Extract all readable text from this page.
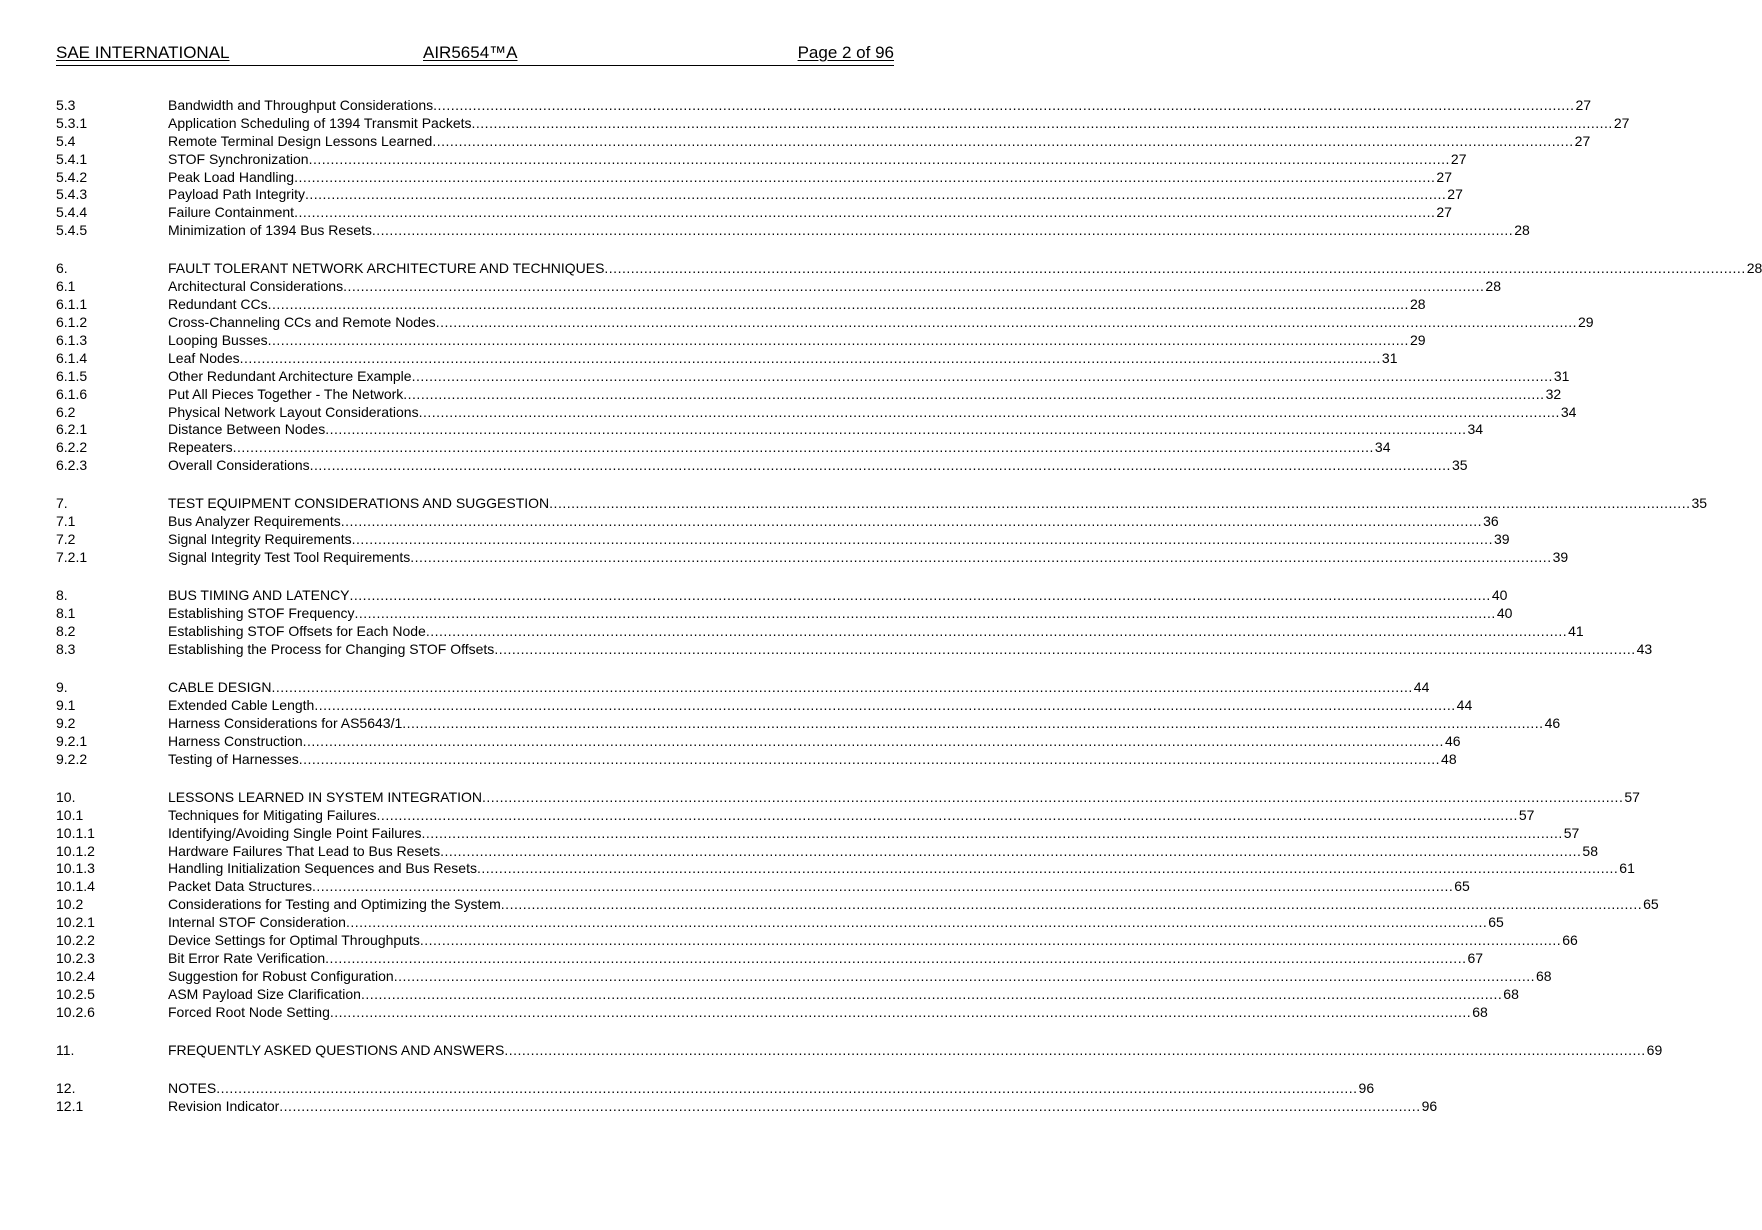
SAE INTERNATIONAL	AIR5654™A	Page 2 of 96
5.3	Bandwidth and Throughput Considerations .................................................................................................................................................................................................................................................................... 27
5.3.1	Application Scheduling of 1394 Transmit Packets .................................................................................................................................................................................................................................................................... 27
5.4	Remote Terminal Design Lessons Learned .................................................................................................................................................................................................................................................................... 27
5.4.1	STOF Synchronization .................................................................................................................................................................................................................................................................... 27
5.4.2	Peak Load Handling .................................................................................................................................................................................................................................................................... 27
5.4.3	Payload Path Integrity .................................................................................................................................................................................................................................................................... 27
5.4.4	Failure Containment .................................................................................................................................................................................................................................................................... 27
5.4.5	Minimization of 1394 Bus Resets .................................................................................................................................................................................................................................................................... 28
6.	FAULT TOLERANT NETWORK ARCHITECTURE AND TECHNIQUES .................................................................................................................................................................................................................................................................... 28
6.1	Architectural Considerations .................................................................................................................................................................................................................................................................... 28
6.1.1	Redundant CCs .................................................................................................................................................................................................................................................................... 28
6.1.2	Cross-Channeling CCs and Remote Nodes .................................................................................................................................................................................................................................................................... 29
6.1.3	Looping Busses .................................................................................................................................................................................................................................................................... 29
6.1.4	Leaf Nodes .................................................................................................................................................................................................................................................................... 31
6.1.5	Other Redundant Architecture Example .................................................................................................................................................................................................................................................................... 31
6.1.6	Put All Pieces Together - The Network .................................................................................................................................................................................................................................................................... 32
6.2	Physical Network Layout Considerations .................................................................................................................................................................................................................................................................... 34
6.2.1	Distance Between Nodes .................................................................................................................................................................................................................................................................... 34
6.2.2	Repeaters .................................................................................................................................................................................................................................................................... 34
6.2.3	Overall Considerations .................................................................................................................................................................................................................................................................... 35
7.	TEST EQUIPMENT CONSIDERATIONS AND SUGGESTION .................................................................................................................................................................................................................................................................... 35
7.1	Bus Analyzer Requirements .................................................................................................................................................................................................................................................................... 36
7.2	Signal Integrity Requirements .................................................................................................................................................................................................................................................................... 39
7.2.1	Signal Integrity Test Tool Requirements .................................................................................................................................................................................................................................................................... 39
8.	BUS TIMING AND LATENCY .................................................................................................................................................................................................................................................................... 40
8.1	Establishing STOF Frequency .................................................................................................................................................................................................................................................................... 40
8.2	Establishing STOF Offsets for Each Node .................................................................................................................................................................................................................................................................... 41
8.3	Establishing the Process for Changing STOF Offsets .................................................................................................................................................................................................................................................................... 43
9.	CABLE DESIGN .................................................................................................................................................................................................................................................................... 44
9.1	Extended Cable Length .................................................................................................................................................................................................................................................................... 44
9.2	Harness Considerations for AS5643/1 .................................................................................................................................................................................................................................................................... 46
9.2.1	Harness Construction .................................................................................................................................................................................................................................................................... 46
9.2.2	Testing of Harnesses .................................................................................................................................................................................................................................................................... 48
10.	LESSONS LEARNED IN SYSTEM INTEGRATION .................................................................................................................................................................................................................................................................... 57
10.1	Techniques for Mitigating Failures .................................................................................................................................................................................................................................................................... 57
10.1.1	Identifying/Avoiding Single Point Failures .................................................................................................................................................................................................................................................................... 57
10.1.2	Hardware Failures That Lead to Bus Resets .................................................................................................................................................................................................................................................................... 58
10.1.3	Handling Initialization Sequences and Bus Resets .................................................................................................................................................................................................................................................................... 61
10.1.4	Packet Data Structures .................................................................................................................................................................................................................................................................... 65
10.2	Considerations for Testing and Optimizing the System .................................................................................................................................................................................................................................................................... 65
10.2.1	Internal STOF Consideration .................................................................................................................................................................................................................................................................... 65
10.2.2	Device Settings for Optimal Throughputs .................................................................................................................................................................................................................................................................... 66
10.2.3	Bit Error Rate Verification .................................................................................................................................................................................................................................................................... 67
10.2.4	Suggestion for Robust Configuration .................................................................................................................................................................................................................................................................... 68
10.2.5	ASM Payload Size Clarification .................................................................................................................................................................................................................................................................... 68
10.2.6	Forced Root Node Setting .................................................................................................................................................................................................................................................................... 68
11.	FREQUENTLY ASKED QUESTIONS AND ANSWERS .................................................................................................................................................................................................................................................................... 69
12.	NOTES .................................................................................................................................................................................................................................................................... 96
12.1	Revision Indicator .................................................................................................................................................................................................................................................................... 96
